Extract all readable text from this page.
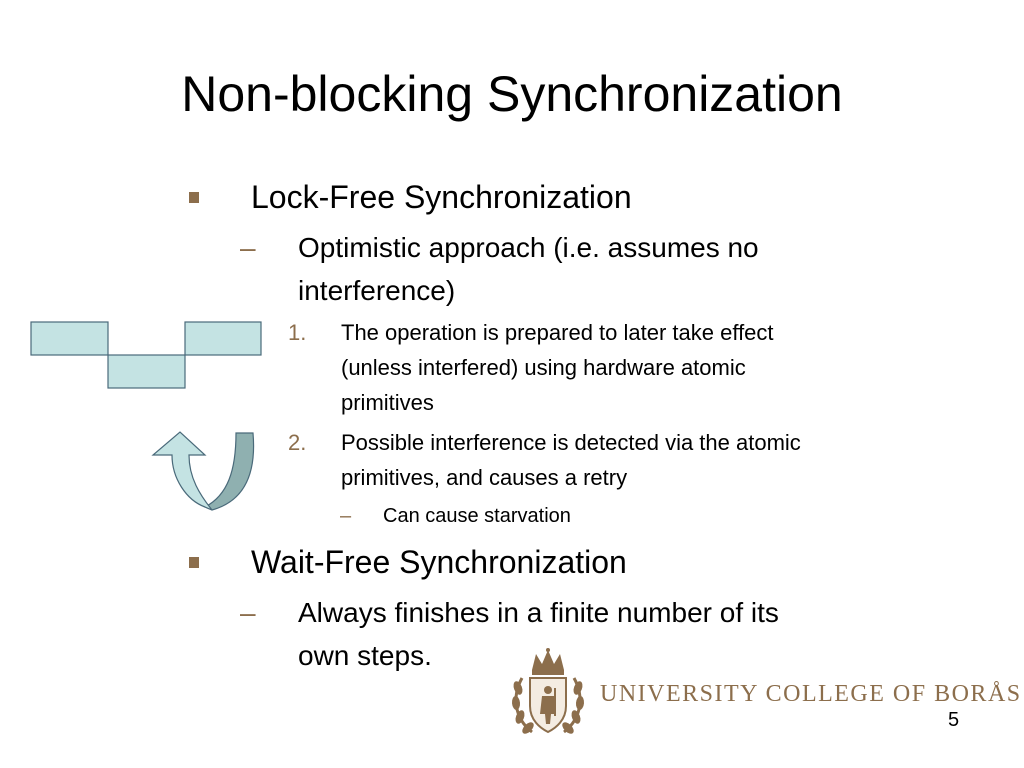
Non-blocking Synchronization
Lock-Free Synchronization
– Optimistic approach (i.e. assumes no
interference)
1. The operation is prepared to later take effect
(unless interfered) using hardware atomic
primitives
2. Possible interference is detected via the atomic
primitives, and causes a retry
– Can cause starvation
Wait-Free Synchronization
– Always finishes in a finite number of its
own steps.
UNIVERSITY COLLEGE OF BORÅS
5
